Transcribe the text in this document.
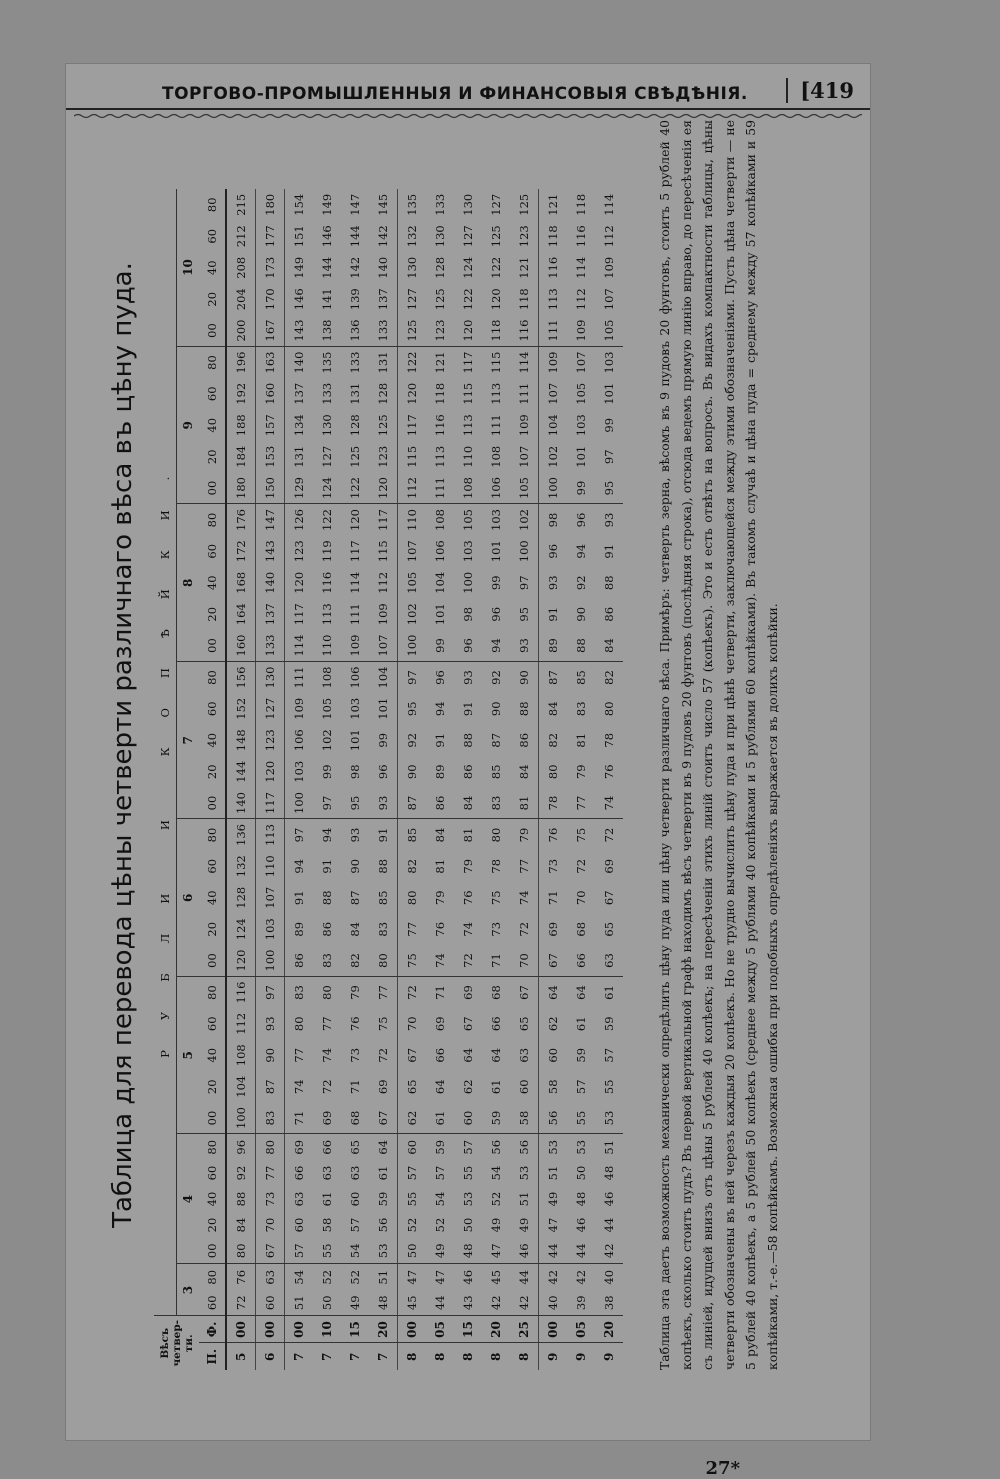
ТОРГОВО-ПРОМЫШЛЕННЫЯ И ФИНАНСОВЫЯ СВѢДѢНІЯ.	[419
Таблица для перевода цѣны четверти различнаго вѣса въ цѣну пуда.
Вѣсъ четвер-ти.		РУБЛИ И КОПѢЙКИ.																																				
		3		4					5					6					7					8					9					10				
П.	Ф.	60	80	00	20	40	60	80	00	20	40	60	80	00	20	40	60	80	00	20	40	60	80	00	20	40	60	80	00	20	40	60	80	00	20	40	60	80
5	00	72	76	80	84	88	92	96	100	104	108	112	116	120	124	128	132	136	140	144	148	152	156	160	164	168	172	176	180	184	188	192	196	200	204	208	212	215
6	00	60	63	67	70	73	77	80	83	87	90	93	97	100	103	107	110	113	117	120	123	127	130	133	137	140	143	147	150	153	157	160	163	167	170	173	177	180
7	00	51	54	57	60	63	66	69	71	74	77	80	83	86	89	91	94	97	100	103	106	109	111	114	117	120	123	126	129	131	134	137	140	143	146	149	151	154
7	10	50	52	55	58	61	63	66	69	72	74	77	80	83	86	88	91	94	97	99	102	105	108	110	113	116	119	122	124	127	130	133	135	138	141	144	146	149
7	15	49	52	54	57	60	63	65	68	71	73	76	79	82	84	87	90	93	95	98	101	103	106	109	111	114	117	120	122	125	128	131	133	136	139	142	144	147
7	20	48	51	53	56	59	61	64	67	69	72	75	77	80	83	85	88	91	93	96	99	101	104	107	109	112	115	117	120	123	125	128	131	133	137	140	142	145
8	00	45	47	50	52	55	57	60	62	65	67	70	72	75	77	80	82	85	87	90	92	95	97	100	102	105	107	110	112	115	117	120	122	125	127	130	132	135
8	05	44	47	49	52	54	57	59	61	64	66	69	71	74	76	79	81	84	86	89	91	94	96	99	101	104	106	108	111	113	116	118	121	123	125	128	130	133
8	15	43	46	48	50	53	55	57	60	62	64	67	69	72	74	76	79	81	84	86	88	91	93	96	98	100	103	105	108	110	113	115	117	120	122	124	127	130
8	20	42	45	47	49	52	54	56	59	61	64	66	68	71	73	75	78	80	83	85	87	90	92	94	96	99	101	103	106	108	111	113	115	118	120	122	125	127
8	25	42	44	46	49	51	53	56	58	60	63	65	67	70	72	74	77	79	81	84	86	88	90	93	95	97	100	102	105	107	109	111	114	116	118	121	123	125
9	00	40	42	44	47	49	51	53	56	58	60	62	64	67	69	71	73	76	78	80	82	84	87	89	91	93	96	98	100	102	104	107	109	111	113	116	118	121
9	05	39	42	44	46	48	50	53	55	57	59	61	64	66	68	70	72	75	77	79	81	83	85	88	90	92	94	96	99	101	103	105	107	109	112	114	116	118
9	20	38	40	42	44	46	48	51	53	55	57	59	61	63	65	67	69	72	74	76	78	80	82	84	86	88	91	93	95	97	99	101	103	105	107	109	112	114	Таблица эта даетъ возможность механически опредѣлить цѣну пуда или цѣну четверти различнаго вѣса. Примѣръ: четверть зерна, вѣсомъ въ 9 пудовъ 20 фунтовъ, стоитъ 5 рублей 40 копѣекъ, сколько стоитъ пудъ? Въ первой вертикальной графѣ находимъ вѣсъ четверти въ 9 пудовъ 20 фунтовъ (послѣдняя строка), отсюда ведемъ прямую линію вправо, до пересѣченія ея съ линіей, идущей внизъ отъ цѣны 5 рублей 40 копѣекъ; на пересѣченіи этихъ линій стоитъ число 57 (копѣекъ). Это и есть отвѣтъ на вопросъ. Въ видахъ компактности таблицы, цѣны четверти обозначены въ ней черезъ каждыя 20 копѣекъ. Но не трудно вычислить цѣну пуда и при цѣнѣ четверти, заключающейся между этими обозначеніями. Пусть цѣна четверти — не 5 рублей 40 копѣекъ, а 5 рублей 50 копѣекъ (среднее между 5 рублями 40 копѣйками и 5 рублями 60 копѣйками). Въ такомъ случаѣ и цѣна пуда = среднему между 57 копѣйками и 59 копѣйками, т.-е.—58 копѣйкамъ. Возможная ошибка при подобныхъ опредѣленіяхъ выражается въ долихъ копѣйки.
27*
